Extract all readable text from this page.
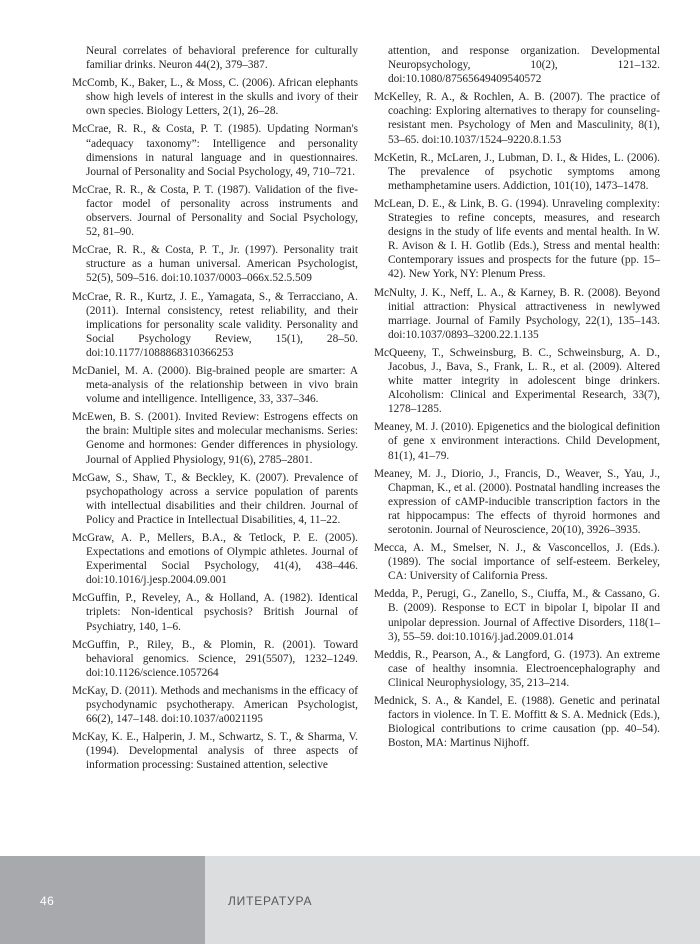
Neural correlates of behavioral preference for culturally familiar drinks. Neuron 44(2), 379–387.

McComb, K., Baker, L., & Moss, C. (2006). African elephants show high levels of interest in the skulls and ivory of their own species. Biology Letters, 2(1), 26–28.

McCrae, R. R., & Costa, P. T. (1985). Updating Norman's “adequacy taxonomy”: Intelligence and personality dimensions in natural language and in questionnaires. Journal of Personality and Social Psychology, 49, 710–721.

McCrae, R. R., & Costa, P. T. (1987). Validation of the five-factor model of personality across instruments and observers. Journal of Personality and Social Psychology, 52, 81–90.

McCrae, R. R., & Costa, P. T., Jr. (1997). Personality trait structure as a human universal. American Psychologist, 52(5), 509–516. doi:10.1037/0003–066x.52.5.509

McCrae, R. R., Kurtz, J. E., Yamagata, S., & Terracciano, A. (2011). Internal consistency, retest reliability, and their implications for personality scale validity. Personality and Social Psychology Review, 15(1), 28–50. doi:10.1177/1088868310366253

McDaniel, M. A. (2000). Big-brained people are smarter: A meta-analysis of the relationship between in vivo brain volume and intelligence. Intelligence, 33, 337–346.

McEwen, B. S. (2001). Invited Review: Estrogens effects on the brain: Multiple sites and molecular mechanisms. Series: Genome and hormones: Gender differences in physiology. Journal of Applied Physiology, 91(6), 2785–2801.

McGaw, S., Shaw, T., & Beckley, K. (2007). Prevalence of psychopathology across a service population of parents with intellectual disabilities and their children. Journal of Policy and Practice in Intellectual Disabilities, 4, 11–22.

McGraw, A. P., Mellers, B.A., & Tetlock, P. E. (2005). Expectations and emotions of Olympic athletes. Journal of Experimental Social Psychology, 41(4), 438–446. doi:10.1016/j.jesp.2004.09.001

McGuffin, P., Reveley, A., & Holland, A. (1982). Identical triplets: Non-identical psychosis? British Journal of Psychiatry, 140, 1–6.

McGuffin, P., Riley, B., & Plomin, R. (2001). Toward behavioral genomics. Science, 291(5507), 1232–1249. doi:10.1126/science.1057264

McKay, D. (2011). Methods and mechanisms in the efficacy of psychodynamic psychotherapy. American Psychologist, 66(2), 147–148. doi:10.1037/a0021195

McKay, K. E., Halperin, J. M., Schwartz, S. T., & Sharma, V. (1994). Developmental analysis of three aspects of information processing: Sustained attention, selective

attention, and response organization. Developmental Neuropsychology, 10(2), 121–132. doi:10.1080/87565649409540572

McKelley, R. A., & Rochlen, A. B. (2007). The practice of coaching: Exploring alternatives to therapy for counseling-resistant men. Psychology of Men and Masculinity, 8(1), 53–65. doi:10.1037/1524–9220.8.1.53

McKetin, R., McLaren, J., Lubman, D. I., & Hides, L. (2006). The prevalence of psychotic symptoms among methamphetamine users. Addiction, 101(10), 1473–1478.

McLean, D. E., & Link, B. G. (1994). Unraveling complexity: Strategies to refine concepts, measures, and research designs in the study of life events and mental health. In W. R. Avison & I. H. Gotlib (Eds.), Stress and mental health: Contemporary issues and prospects for the future (pp. 15–42). New York, NY: Plenum Press.

McNulty, J. K., Neff, L. A., & Karney, B. R. (2008). Beyond initial attraction: Physical attractiveness in newlywed marriage. Journal of Family Psychology, 22(1), 135–143. doi:10.1037/0893–3200.22.1.135

McQueeny, T., Schweinsburg, B. C., Schweinsburg, A. D., Jacobus, J., Bava, S., Frank, L. R., et al. (2009). Altered white matter integrity in adolescent binge drinkers. Alcoholism: Clinical and Experimental Research, 33(7), 1278–1285.

Meaney, M. J. (2010). Epigenetics and the biological definition of gene x environment interactions. Child Development, 81(1), 41–79.

Meaney, M. J., Diorio, J., Francis, D., Weaver, S., Yau, J., Chapman, K., et al. (2000). Postnatal handling increases the expression of cAMP-inducible transcription factors in the rat hippocampus: The effects of thyroid hormones and serotonin. Journal of Neuroscience, 20(10), 3926–3935.

Mecca, A. M., Smelser, N. J., & Vasconcellos, J. (Eds.). (1989). The social importance of self-esteem. Berkeley, CA: University of California Press.

Medda, P., Perugi, G., Zanello, S., Ciuffa, M., & Cassano, G. B. (2009). Response to ECT in bipolar I, bipolar II and unipolar depression. Journal of Affective Disorders, 118(1–3), 55–59. doi:10.1016/j.jad.2009.01.014

Meddis, R., Pearson, A., & Langford, G. (1973). An extreme case of healthy insomnia. Electroencephalography and Clinical Neurophysiology, 35, 213–214.

Mednick, S. A., & Kandel, E. (1988). Genetic and perinatal factors in violence. In T. E. Moffitt & S. A. Mednick (Eds.), Biological contributions to crime causation (pp. 40–54). Boston, MA: Martinus Nijhoff.

46	ЛИТЕРАТУРА
